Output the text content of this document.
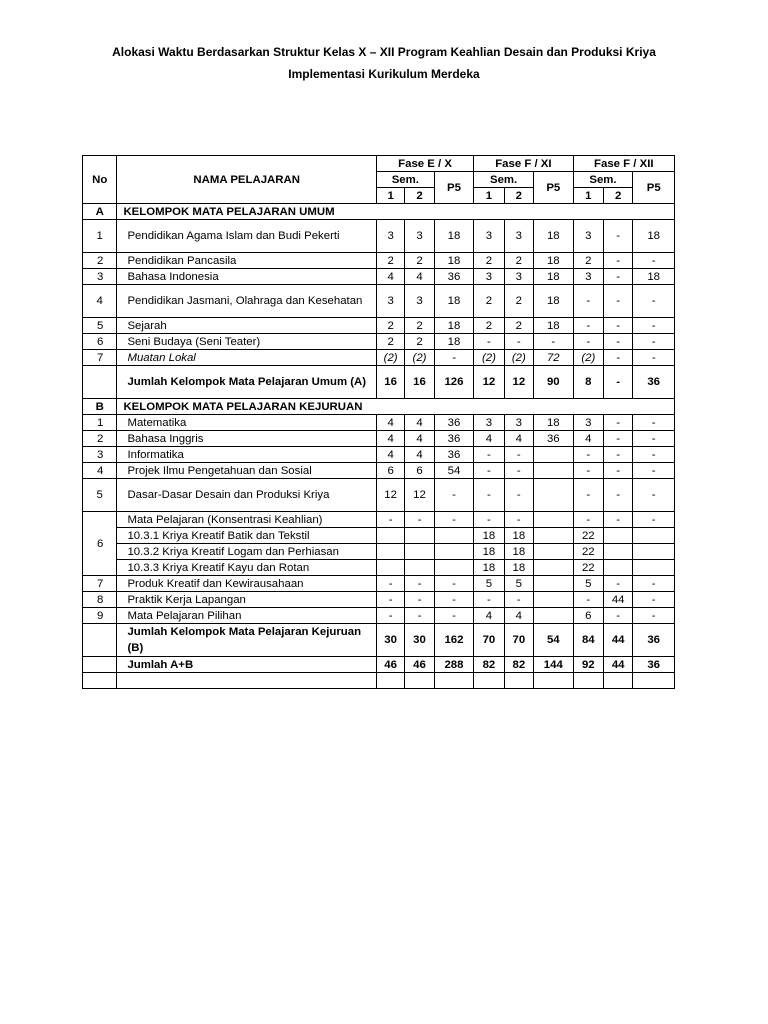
Alokasi Waktu Berdasarkan Struktur Kelas X – XII Program Keahlian Desain dan Produksi Kriya
Implementasi Kurikulum Merdeka
No	NAMA PELAJARAN	Fase E / X			Fase F / XI			Fase F / XII		
		Sem.		P5	Sem.		P5	Sem.		P5
		1	2		1	2		1	2	
A	KELOMPOK MATA PELAJARAN UMUM									
1	Pendidikan Agama Islam dan Budi Pekerti	3	3	18	3	3	18	3	-	18
2	Pendidikan Pancasila	2	2	18	2	2	18	2	-	-
3	Bahasa Indonesia	4	4	36	3	3	18	3	-	18
4	Pendidikan Jasmani, Olahraga dan Kesehatan	3	3	18	2	2	18	-	-	-
5	Sejarah	2	2	18	2	2	18	-	-	-
6	Seni Budaya (Seni Teater)	2	2	18	-	-	-	-	-	-
7	Muatan Lokal	(2)	(2)	-	(2)	(2)	72	(2)	-	-
	Jumlah Kelompok Mata Pelajaran Umum (A)	16	16	126	12	12	90	8	-	36
B	KELOMPOK MATA PELAJARAN KEJURUAN									
1	Matematika	4	4	36	3	3	18	3	-	-
2	Bahasa Inggris	4	4	36	4	4	36	4	-	-
3	Informatika	4	4	36	-	-		-	-	-
4	Projek Ilmu Pengetahuan dan Sosial	6	6	54	-	-		-	-	-
5	Dasar-Dasar Desain dan Produksi Kriya	12	12	-	-	-		-	-	-
6	Mata Pelajaran (Konsentrasi Keahlian)	-	-	-	-	-		-	-	-
	10.3.1 Kriya Kreatif Batik dan Tekstil				18	18		22		
	10.3.2 Kriya Kreatif Logam dan Perhiasan				18	18		22		
	10.3.3 Kriya Kreatif Kayu dan Rotan				18	18		22		
7	Produk Kreatif dan Kewirausahaan	-	-	-	5	5		5	-	-
8	Praktik Kerja Lapangan	-	-	-	-	-		-	44	-
9	Mata Pelajaran Pilihan	-	-	-	4	4		6	-	-
	Jumlah Kelompok Mata Pelajaran Kejuruan (B)	30	30	162	70	70	54	84	44	36
	Jumlah A+B	46	46	288	82	82	144	92	44	36
